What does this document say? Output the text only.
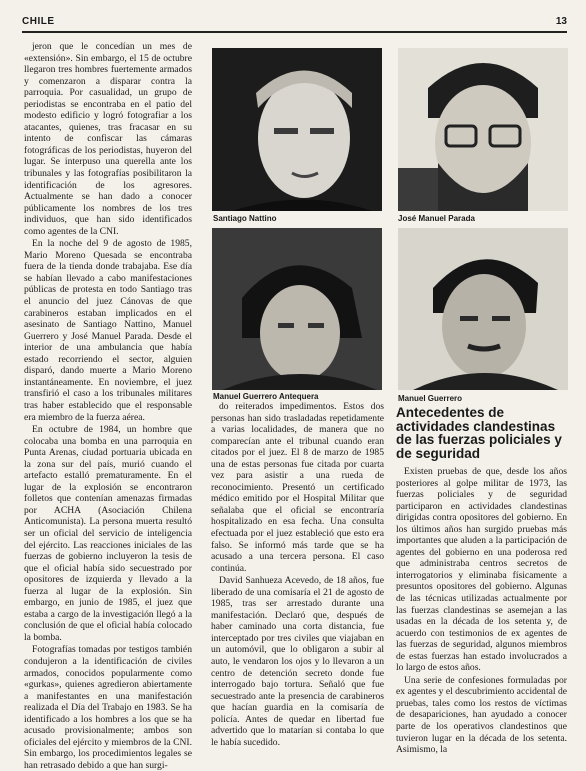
CHILE	13

jeron que le concedían un mes de «extensión». Sin embargo, el 15 de octubre llegaron tres hombres fuertemente armados y comenzaron a disparar contra la parroquia. Por casualidad, un grupo de periodistas se encontraba en el patio del modesto edificio y logró fotografiar a los atacantes, quienes, tras fracasar en su intento de confiscar las cámaras fotográficas de los periodistas, huyeron del lugar. Se interpuso una querella ante los tribunales y las fotografías posibilitaron la identificación de los agresores. Actualmente se han dado a conocer públicamente los nombres de los tres individuos, que han sido identificados como agentes de la CNI.

En la noche del 9 de agosto de 1985, Mario Moreno Quesada se encontraba fuera de la tienda donde trabajaba. Ese día se habían llevado a cabo manifestaciones públicas de protesta en todo Santiago tras el anuncio del juez Cánovas de que carabineros estaban implicados en el asesinato de Santiago Nattino, Manuel Guerrero y José Manuel Parada. Desde el interior de una ambulancia que había estado recorriendo el sector, alguien disparó, dando muerte a Mario Moreno instantáneamente. En noviembre, el juez transfirió el caso a los tribunales militares tras haber establecido que el responsable era miembro de la fuerza aérea.

En octubre de 1984, un hombre que colocaba una bomba en una parroquia en Punta Arenas, ciudad portuaria ubicada en la zona sur del país, murió cuando el artefacto estalló prematuramente. En el lugar de la explosión se encontraron folletos que contenían amenazas firmadas por ACHA (Asociación Chilena Anticomunista). La persona muerta resultó ser un oficial del servicio de inteligencia del ejército. Las reacciones iniciales de las fuerzas de gobierno incluyeron la tesis de que el oficial había sido secuestrado por opositores de izquierda y llevado a la fuerza al lugar de la explosión. Sin embargo, en junio de 1985, el juez que estaba a cargo de la investigación llegó a la conclusión de que el oficial había colocado la bomba.

Fotografías tomadas por testigos también condujeron a la identificación de civiles armados, conocidos popularmente como «gurkas», quienes agredieron abiertamente a manifestantes en una manifestación realizada el Día del Trabajo en 1983. Se ha identificado a los hombres a los que se ha acusado provisionalmente; ambos son oficiales del ejército y miembros de la CNI. Sin embargo, los procedimientos legales se han retrasado debido a que han surgi-

Santiago Nattino	José Manuel Parada
Manuel Guerrero Antequera	Manuel Guerrero

do reiterados impedimentos. Estos dos personas han sido trasladadas repetidamente a varias localidades, de manera que no comparecían ante el tribunal cuando eran citados por el juez. El 8 de marzo de 1985 una de estas personas fue citada por cuarta vez para asistir a una rueda de reconocimiento. Presentó un certificado médico emitido por el Hospital Militar que señalaba que el oficial se encontraría hospitalizado en esa fecha. Una consulta efectuada por el juez estableció que esto era falso. Se informó más tarde que se ha acusado a una tercera persona. El caso continúa.

David Sanhueza Acevedo, de 18 años, fue liberado de una comisaría el 21 de agosto de 1985, tras ser arrestado durante una manifestación. Declaró que, después de haber caminado una corta distancia, fue interceptado por tres civiles que viajaban en un automóvil, que lo obligaron a subir al auto, le vendaron los ojos y lo llevaron a un centro de detención secreto donde fue interrogado bajo tortura. Señaló que fue secuestrado ante la presencia de carabineros que hacían guardia en la comisaría de policía. Antes de quedar en libertad fue advertido que lo matarían si contaba lo que le había sucedido.

Antecedentes de actividades clandestinas de las fuerzas policiales y de seguridad

Existen pruebas de que, desde los años posteriores al golpe militar de 1973, las fuerzas policiales y de seguridad participaron en actividades clandestinas dirigidas contra opositores del gobierno. En los últimos años han surgido pruebas más importantes que aluden a la participación de agentes del gobierno en una poderosa red que administraba centros secretos de interrogatorios y eliminaba físicamente a presuntos opositores del gobierno. Algunas de las técnicas utilizadas actualmente por las fuerzas clandestinas se asemejan a las usadas en la década de los setenta y, de acuerdo con testimonios de ex agentes de las fuerzas de seguridad, algunos miembros de estas fuerzas han estado involucrados a lo largo de estos años.

Una serie de confesiones formuladas por ex agentes y el descubrimiento accidental de pruebas, tales como los restos de víctimas de desapariciones, han ayudado a conocer parte de los operativos clandestinos que tuvieron lugar en la década de los setenta. Asimismo, la
